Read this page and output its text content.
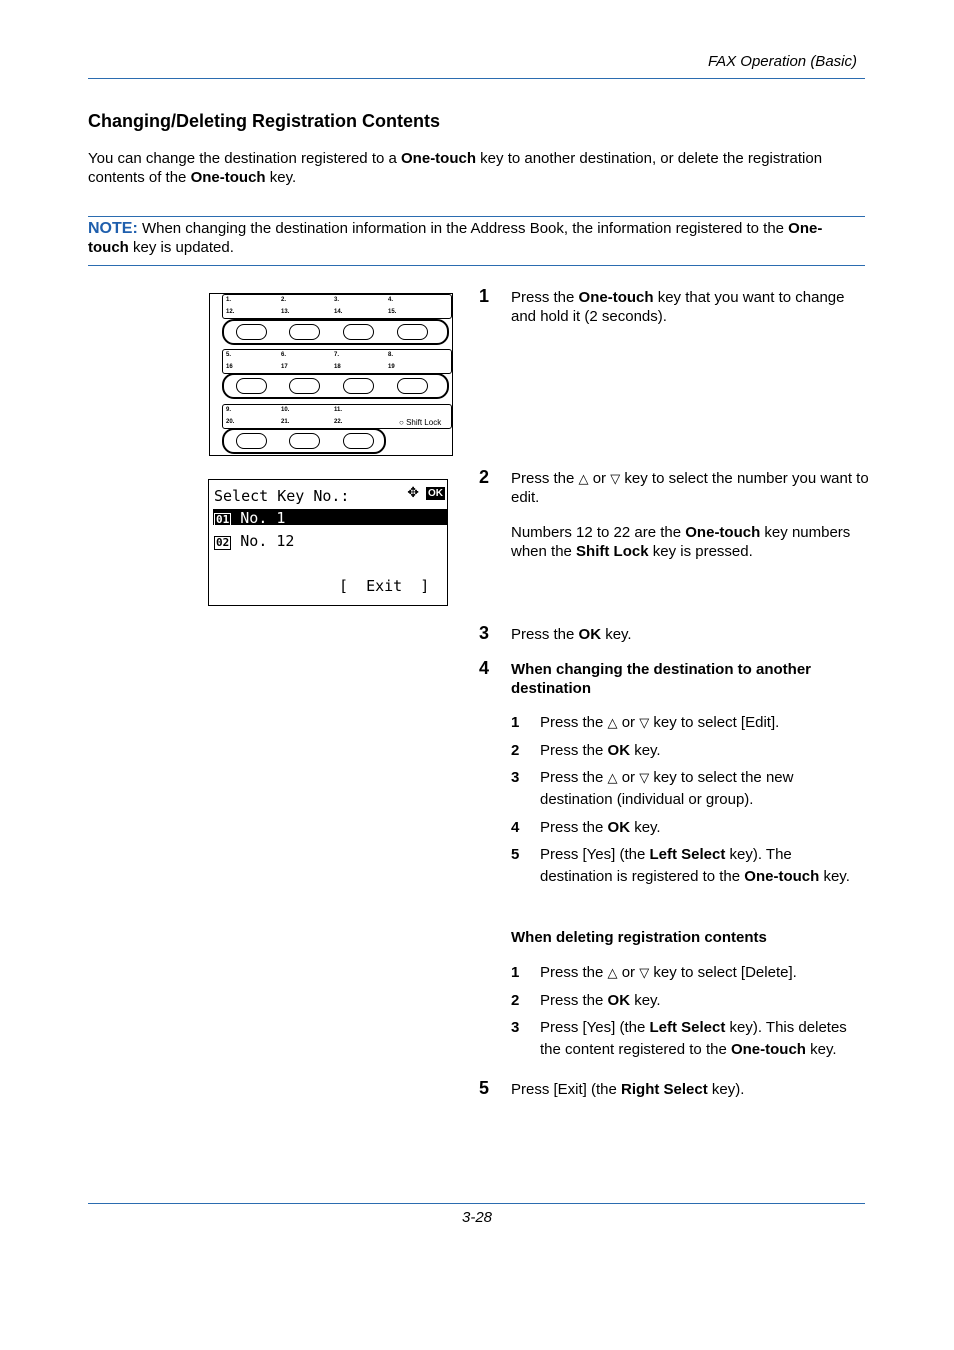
FAX Operation (Basic)
Changing/Deleting Registration Contents

You can change the destination registered to a One-touch key to another destination, or delete the registration contents of the One-touch key.

NOTE: When changing the destination information in the Address Book, the information registered to the One-touch key is updated.

1.	2.	3.	4.
12.	13.	14.	15.
5.	6.	7.	8.
16	17	18	19
9.	10.	11.
20.	21.	22.	○ Shift Lock
Select Key No.:	✥ OK
01 No. 1
02 No. 12
[  Exit  ]
1 Press the One-touch key that you want to change and hold it (2 seconds).
2 Press the △ or ▽ key to select the number you want to edit.
Numbers 12 to 22 are the One-touch key numbers when the Shift Lock key is pressed.
3 Press the OK key.
4 When changing the destination to another destination
1 Press the △ or ▽ key to select [Edit].
2 Press the OK key.
3 Press the △ or ▽ key to select the new destination (individual or group).
4 Press the OK key.
5 Press [Yes] (the Left Select key). The destination is registered to the One-touch key.
When deleting registration contents
1 Press the △ or ▽ key to select [Delete].
2 Press the OK key.
3 Press [Yes] (the Left Select key). This deletes the content registered to the One-touch key.
5 Press [Exit] (the Right Select key).
3-28
